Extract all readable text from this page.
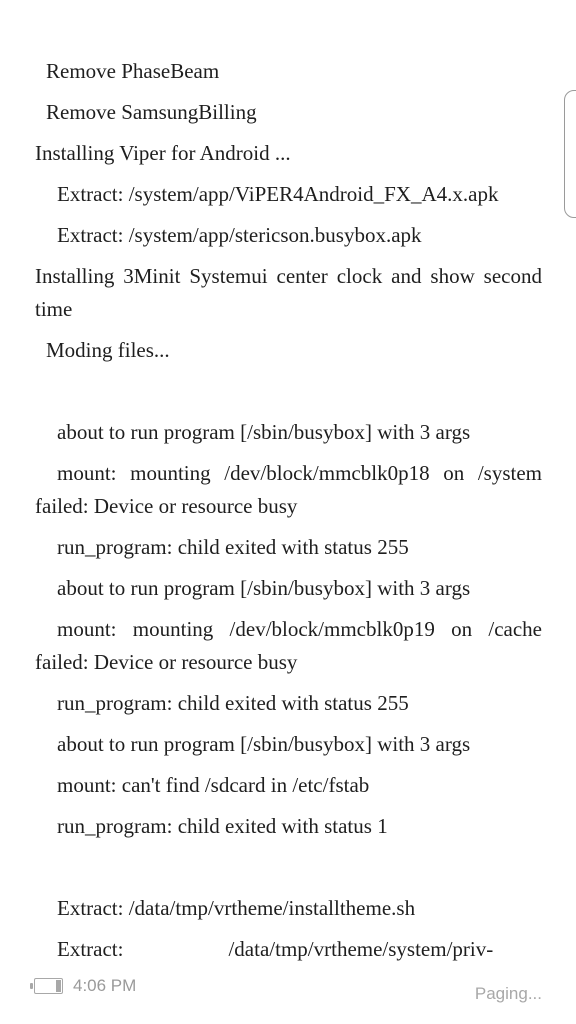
Remove PhaseBeam
Remove SamsungBilling
Installing Viper for Android ...
Extract: /system/app/ViPER4Android_FX_A4.x.apk
Extract: /system/app/stericson.busybox.apk
Installing 3Minit Systemui center clock and show second time
Moding files...
about to run program [/sbin/busybox] with 3 args
mount: mounting /dev/block/mmcblk0p18 on /system failed: Device or resource busy
run_program: child exited with status 255
about to run program [/sbin/busybox] with 3 args
mount: mounting /dev/block/mmcblk0p19 on /cache failed: Device or resource busy
run_program: child exited with status 255
about to run program [/sbin/busybox] with 3 args
mount: can't find /sdcard in /etc/fstab
run_program: child exited with status 1
Extract: /data/tmp/vrtheme/installtheme.sh
Extract:                    /data/tmp/vrtheme/system/priv-
4:06 PM	Paging...
